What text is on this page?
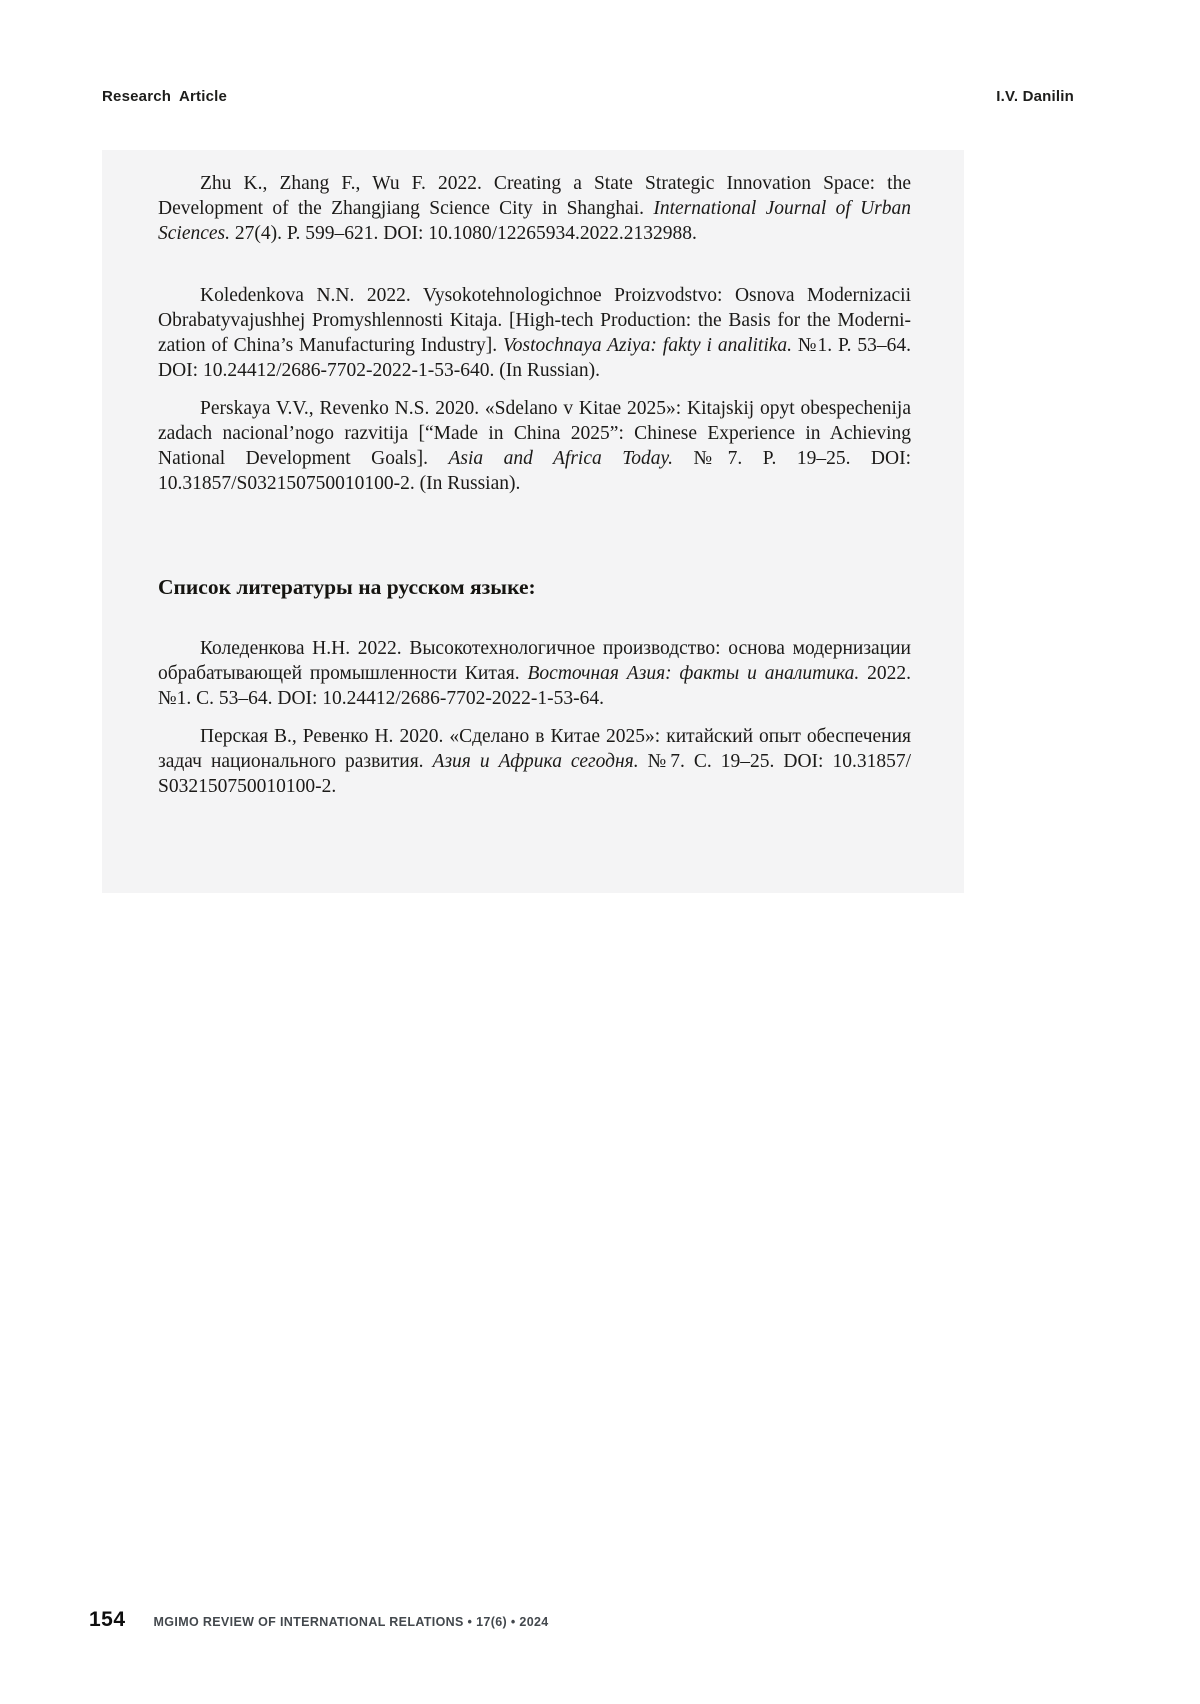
Research Article	I.V. Danilin

Zhu K., Zhang F., Wu F. 2022. Creating a State Strategic Innovation Space: the Development of the Zhangjiang Science City in Shanghai. International Journal of Urban Sciences. 27(4). P. 599–621. DOI: 10.1080/12265934.2022.2132988.

Koledenkova N.N. 2022. Vysokotehnologichnoe Proizvodstvo: Osnova Modernizacii Obrabatyvajushhej Promyshlennosti Kitaja. [High-tech Production: the Basis for the Modernization of China’s Manufacturing Industry]. Vostochnaya Aziya: fakty i analitika. №1. P. 53–64. DOI: 10.24412/2686-7702-2022-1-53-640. (In Russian).

Perskaya V.V., Revenko N.S. 2020. «Sdelano v Kitae 2025»: Kitajskij opyt obespechenija zadach nacional’nogo razvitija [“Made in China 2025”: Chinese Experience in Achieving National Development Goals]. Asia and Africa Today. №7. P. 19–25. DOI: 10.31857/S032150750010100-2. (In Russian).

Список литературы на русском языке:

Коледенкова Н.Н. 2022. Высокотехнологичное производство: основа модернизации обрабатывающей промышленности Китая. Восточная Азия: факты и аналитика. 2022. №1. С. 53–64. DOI: 10.24412/2686-7702-2022-1-53-64.

Перская В., Ревенко Н. 2020. «Сделано в Китае 2025»: китайский опыт обеспечения задач национального развития. Азия и Африка сегодня. №7. С. 19–25. DOI: 10.31857/ S032150750010100-2.

154 MGIMO REVIEW OF INTERNATIONAL RELATIONS • 17(6) • 2024
